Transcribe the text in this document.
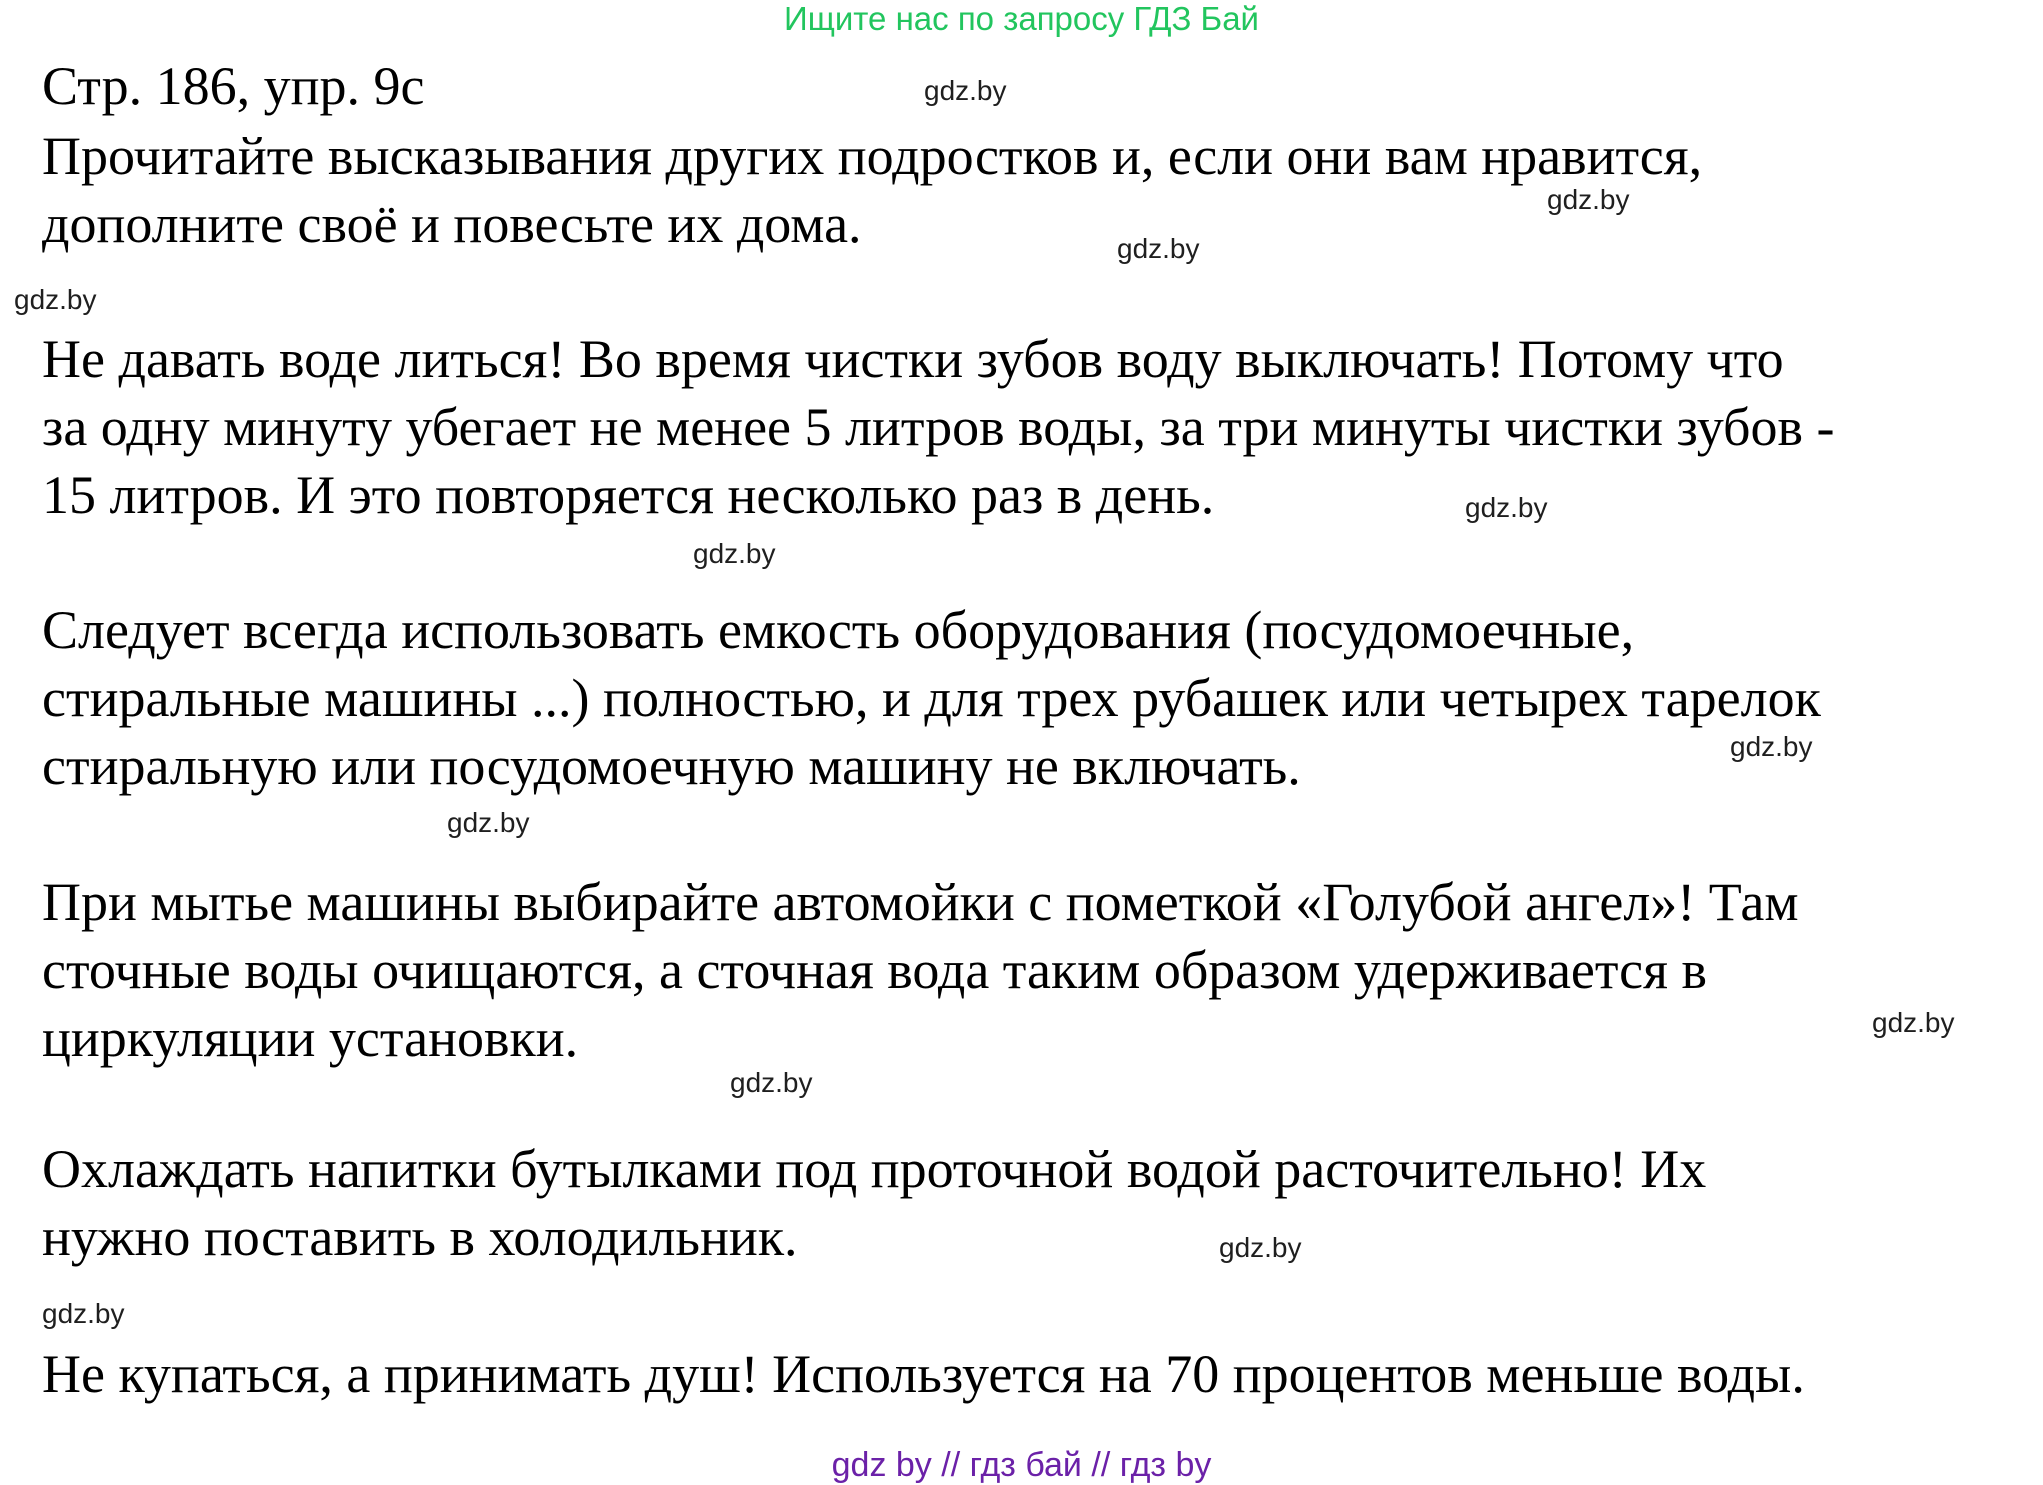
Ищите нас по запросу ГДЗ Бай
Стр. 186, упр. 9с
Прочитайте высказывания других подростков и, если они вам нравится,
дополните своё и повесьте их дома.
Не давать воде литься! Во время чистки зубов воду выключать! Потому что
за одну минуту убегает не менее 5 литров воды, за три минуты чистки зубов -
15 литров. И это повторяется несколько раз в день.
Следует всегда использовать емкость оборудования (посудомоечные,
стиральные машины ...) полностью, и для трех рубашек или четырех тарелок
стиральную или посудомоечную машину не включать.
При мытье машины выбирайте автомойки с пометкой «Голубой ангел»! Там
сточные воды очищаются, а сточная вода таким образом удерживается в
циркуляции установки.
Охлаждать напитки бутылками под проточной водой расточительно! Их
нужно поставить в холодильник.
Не купаться, а принимать душ! Используется на 70 процентов меньше воды.
gdz.by
gdz.by
gdz.by
gdz.by
gdz.by
gdz.by
gdz.by
gdz.by
gdz.by
gdz.by
gdz.by
gdz.by
gdz by // гдз бай // гдз by
